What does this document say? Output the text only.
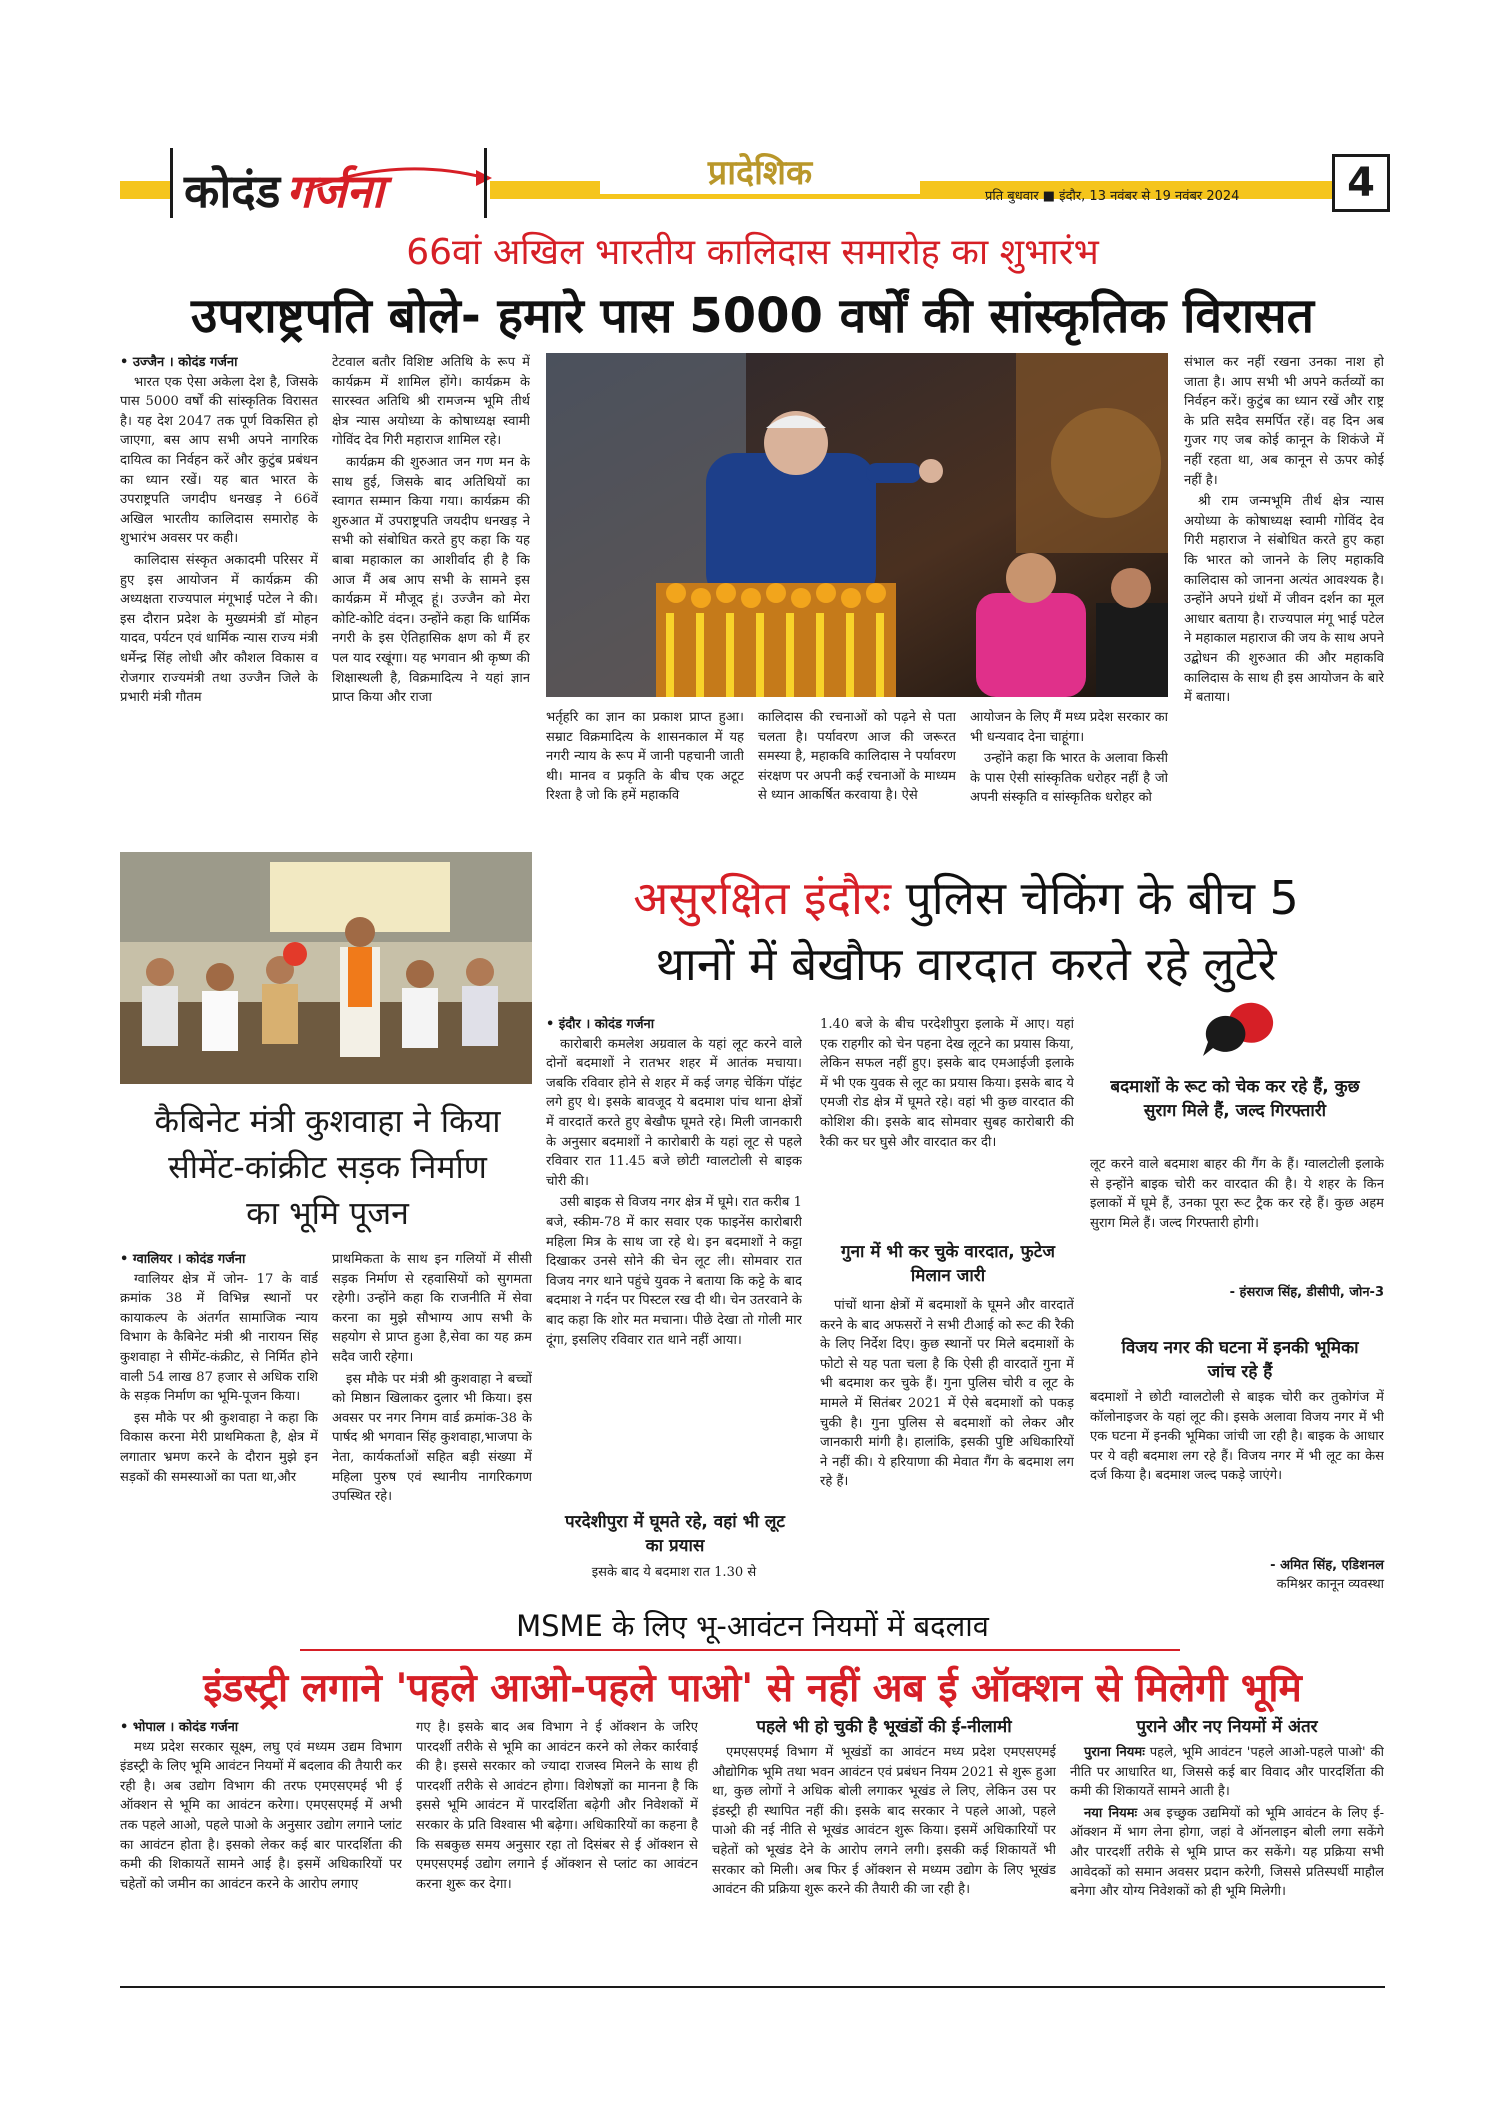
कोदंड गर्जना	प्रादेशिक
प्रति बुधवार ■ इंदौर, 13 नवंबर से 19 नवंबर 2024	4
66वां अखिल भारतीय कालिदास समारोह का शुभारंभ
उपराष्ट्रपति बोले- हमारे पास 5000 वर्षों की सांस्कृतिक विरासत
• उज्जैन । कोदंड गर्जना

भारत एक ऐसा अकेला देश है, जिसके पास 5000 वर्षों की सांस्कृतिक विरासत है। यह देश 2047 तक पूर्ण विकसित हो जाएगा, बस आप सभी अपने नागरिक दायित्व का निर्वहन करें और कुटुंब प्रबंधन का ध्यान रखें। यह बात भारत के उपराष्ट्रपति जगदीप धनखड़ ने 66वें अखिल भारतीय कालिदास समारोह के शुभारंभ अवसर पर कही।

कालिदास संस्कृत अकादमी परिसर में हुए इस आयोजन में कार्यक्रम की अध्यक्षता राज्यपाल मंगूभाई पटेल ने की। इस दौरान प्रदेश के मुख्यमंत्री डॉ मोहन यादव, पर्यटन एवं धार्मिक न्यास राज्य मंत्री धर्मेन्द्र सिंह लोधी और कौशल विकास व रोजगार राज्यमंत्री तथा उज्जैन जिले के प्रभारी मंत्री गौतम

टेटवाल बतौर विशिष्ट अतिथि के रूप में कार्यक्रम में शामिल होंगे। कार्यक्रम के सारस्वत अतिथि श्री रामजन्म भूमि तीर्थ क्षेत्र न्यास अयोध्या के कोषाध्यक्ष स्वामी गोविंद देव गिरी महाराज शामिल रहे।

कार्यक्रम की शुरुआत जन गण मन के साथ हुई, जिसके बाद अतिथियों का स्वागत सम्मान किया गया। कार्यक्रम की शुरुआत में उपराष्ट्रपति जयदीप धनखड़ ने सभी को संबोधित करते हुए कहा कि यह बाबा महाकाल का आशीर्वाद ही है कि आज मैं अब आप सभी के सामने इस कार्यक्रम में मौजूद हूं। उज्जैन को मेरा कोटि-कोटि वंदन। उन्होंने कहा कि धार्मिक नगरी के इस ऐतिहासिक क्षण को मैं हर पल याद रखूंगा। यह भगवान श्री कृष्ण की शिक्षास्थली है, विक्रमादित्य ने यहां ज्ञान प्राप्त किया और राजा

भर्तृहरि का ज्ञान का प्रकाश प्राप्त हुआ। सम्राट विक्रमादित्य के शासनकाल में यह नगरी न्याय के रूप में जानी पहचानी जाती थी। मानव व प्रकृति के बीच एक अटूट रिश्ता है जो कि हमें महाकवि

कालिदास की रचनाओं को पढ़ने से पता चलता है। पर्यावरण आज की जरूरत समस्या है, महाकवि कालिदास ने पर्यावरण संरक्षण पर अपनी कई रचनाओं के माध्यम से ध्यान आकर्षित करवाया है। ऐसे

आयोजन के लिए मैं मध्य प्रदेश सरकार का भी धन्यवाद देना चाहूंगा।

उन्होंने कहा कि भारत के अलावा किसी के पास ऐसी सांस्कृतिक धरोहर नहीं है जो अपनी संस्कृति व सांस्कृतिक धरोहर को

संभाल कर नहीं रखना उनका नाश हो जाता है। आप सभी भी अपने कर्तव्यों का निर्वहन करें। कुटुंब का ध्यान रखें और राष्ट्र के प्रति सदैव समर्पित रहें। वह दिन अब गुजर गए जब कोई कानून के शिकंजे में नहीं रहता था, अब कानून से ऊपर कोई नहीं है।

श्री राम जन्मभूमि तीर्थ क्षेत्र न्यास अयोध्या के कोषाध्यक्ष स्वामी गोविंद देव गिरी महाराज ने संबोधित करते हुए कहा कि भारत को जानने के लिए महाकवि कालिदास को जानना अत्यंत आवश्यक है। उन्होंने अपने ग्रंथों में जीवन दर्शन का मूल आधार बताया है। राज्यपाल मंगू भाई पटेल ने महाकाल महाराज की जय के साथ अपने उद्बोधन की शुरुआत की और महाकवि कालिदास के साथ ही इस आयोजन के बारे में बताया।

कैबिनेट मंत्री कुशवाहा ने किया सीमेंट-कांक्रीट सड़क निर्माण का भूमि पूजन
• ग्वालियर । कोदंड गर्जना

ग्वालियर क्षेत्र में जोन- 17 के वार्ड क्रमांक 38 में विभिन्न स्थानों पर कायाकल्प के अंतर्गत सामाजिक न्याय विभाग के कैबिनेट मंत्री श्री नारायन सिंह कुशवाहा ने सीमेंट-कंक्रीट, से निर्मित होने वाली 54 लाख 87 हजार से अधिक राशि के सड़क निर्माण का भूमि-पूजन किया।

इस मौके पर श्री कुशवाहा ने कहा कि विकास करना मेरी प्राथमिकता है, क्षेत्र में लगातार भ्रमण करने के दौरान मुझे इन सड़कों की समस्याओं का पता था,और

प्राथमिकता के साथ इन गलियों में सीसी सड़क निर्माण से रहवासियों को सुगमता रहेगी। उन्होंने कहा कि राजनीति में सेवा करना का मुझे सौभाग्य आप सभी के सहयोग से प्राप्त हुआ है,सेवा का यह क्रम सदैव जारी रहेगा।

इस मौके पर मंत्री श्री कुशवाहा ने बच्चों को मिष्ठान खिलाकर दुलार भी किया। इस अवसर पर नगर निगम वार्ड क्रमांक-38 के पार्षद श्री भगवान सिंह कुशवाहा,भाजपा के नेता, कार्यकर्ताओं सहित बड़ी संख्या में महिला पुरुष एवं स्थानीय नागरिकगण उपस्थित रहे।

असुरक्षित इंदौरः पुलिस चेकिंग के बीच 5
थानों में बेखौफ वारदात करते रहे लुटेरे
• इंदौर । कोदंड गर्जना

कारोबारी कमलेश अग्रवाल के यहां लूट करने वाले दोनों बदमाशों ने रातभर शहर में आतंक मचाया। जबकि रविवार होने से शहर में कई जगह चेकिंग पॉइंट लगे हुए थे। इसके बावजूद ये बदमाश पांच थाना क्षेत्रों में वारदातें करते हुए बेखौफ घूमते रहे। मिली जानकारी के अनुसार बदमाशों ने कारोबारी के यहां लूट से पहले रविवार रात 11.45 बजे छोटी ग्वालटोली से बाइक चोरी की।

उसी बाइक से विजय नगर क्षेत्र में घूमे। रात करीब 1 बजे, स्कीम-78 में कार सवार एक फाइनेंस कारोबारी महिला मित्र के साथ जा रहे थे। इन बदमाशों ने कट्टा दिखाकर उनसे सोने की चेन लूट ली। सोमवार रात विजय नगर थाने पहुंचे युवक ने बताया कि कट्टे के बाद बदमाश ने गर्दन पर पिस्टल रख दी थी। चेन उतरवाने के बाद कहा कि शोर मत मचाना। पीछे देखा तो गोली मार दूंगा, इसलिए रविवार रात थाने नहीं आया।

परदेशीपुरा में घूमते रहे, वहां भी लूट का प्रयास
इसके बाद ये बदमाश रात 1.30 से

1.40 बजे के बीच परदेशीपुरा इलाके में आए। यहां एक राहगीर को चेन पहना देख लूटने का प्रयास किया, लेकिन सफल नहीं हुए। इसके बाद एमआईजी इलाके में भी एक युवक से लूट का प्रयास किया। इसके बाद ये एमजी रोड क्षेत्र में घूमते रहे। वहां भी कुछ वारदात की कोशिश की। इसके बाद सोमवार सुबह कारोबारी की रैकी कर घर घुसे और वारदात कर दी।

गुना में भी कर चुके वारदात, फुटेज मिलान जारी

पांचों थाना क्षेत्रों में बदमाशों के घूमने और वारदातें करने के बाद अफसरों ने सभी टीआई को रूट की रैकी के लिए निर्देश दिए। कुछ स्थानों पर मिले बदमाशों के फोटो से यह पता चला है कि ऐसी ही वारदातें गुना में भी बदमाश कर चुके हैं। गुना पुलिस चोरी व लूट के मामले में सितंबर 2021 में ऐसे बदमाशों को पकड़ चुकी है। गुना पुलिस से बदमाशों को लेकर और जानकारी मांगी है। हालांकि, इसकी पुष्टि अधिकारियों ने नहीं की। ये हरियाणा की मेवात गैंग के बदमाश लग रहे हैं।

बदमाशों के रूट को चेक कर रहे हैं, कुछ सुराग मिले हैं, जल्द गिरफ्तारी
लूट करने वाले बदमाश बाहर की गैंग के हैं। ग्वालटोली इलाके से इन्होंने बाइक चोरी कर वारदात की है। ये शहर के किन इलाकों में घूमे हैं, उनका पूरा रूट ट्रैक कर रहे हैं। कुछ अहम सुराग मिले हैं। जल्द गिरफ्तारी होगी।
- हंसराज सिंह, डीसीपी, जोन-3
विजय नगर की घटना में इनकी भूमिका जांच रहे हैं
बदमाशों ने छोटी ग्वालटोली से बाइक चोरी कर तुकोगंज में कॉलोनाइजर के यहां लूट की। इसके अलावा विजय नगर में भी एक घटना में इनकी भूमिका जांची जा रही है। बाइक के आधार पर ये वही बदमाश लग रहे हैं। विजय नगर में भी लूट का केस दर्ज किया है। बदमाश जल्द पकड़े जाएंगे।
- अमित सिंह, एडिशनल
कमिश्नर कानून व्यवस्था
MSME के लिए भू-आवंटन नियमों में बदलाव
इंडस्ट्री लगाने 'पहले आओ-पहले पाओ' से नहीं अब ई ऑक्शन से मिलेगी भूमि
• भोपाल । कोदंड गर्जना

मध्य प्रदेश सरकार सूक्ष्म, लघु एवं मध्यम उद्यम विभाग इंडस्ट्री के लिए भूमि आवंटन नियमों में बदलाव की तैयारी कर रही है। अब उद्योग विभाग की तरफ एमएसएमई भी ई ऑक्शन से भूमि का आवंटन करेगा। एमएसएमई में अभी तक पहले आओ, पहले पाओ के अनुसार उद्योग लगाने प्लांट का आवंटन होता है। इसको लेकर कई बार पारदर्शिता की कमी की शिकायतें सामने आई है। इसमें अधिकारियों पर चहेतों को जमीन का आवंटन करने के आरोप लगाए

गए है। इसके बाद अब विभाग ने ई ऑक्शन के जरिए पारदर्शी तरीके से भूमि का आवंटन करने को लेकर कार्रवाई की है। इससे सरकार को ज्यादा राजस्व मिलने के साथ ही पारदर्शी तरीके से आवंटन होगा। विशेषज्ञों का मानना है कि इससे भूमि आवंटन में पारदर्शिता बढ़ेगी और निवेशकों में सरकार के प्रति विश्वास भी बढ़ेगा। अधिकारियों का कहना है कि सबकुछ समय अनुसार रहा तो दिसंबर से ई ऑक्शन से एमएसएमई उद्योग लगाने ई ऑक्शन से प्लांट का आवंटन करना शुरू कर देगा।

पहले भी हो चुकी है भूखंडों की ई-नीलामी

एमएसएमई विभाग में भूखंडों का आवंटन मध्य प्रदेश एमएसएमई औद्योगिक भूमि तथा भवन आवंटन एवं प्रबंधन नियम 2021 से शुरू हुआ था, कुछ लोगों ने अधिक बोली लगाकर भूखंड ले लिए, लेकिन उस पर इंडस्ट्री ही स्थापित नहीं की। इसके बाद सरकार ने पहले आओ, पहले पाओ की नई नीति से भूखंड आवंटन शुरू किया। इसमें अधिकारियों पर चहेतों को भूखंड देने के आरोप लगने लगी। इसकी कई शिकायतें भी सरकार को मिली। अब फिर ई ऑक्शन से मध्यम उद्योग के लिए भूखंड आवंटन की प्रक्रिया शुरू करने की तैयारी की जा रही है।

पुराने और नए नियमों में अंतर

पुराना नियमः पहले, भूमि आवंटन 'पहले आओ-पहले पाओ' की नीति पर आधारित था, जिससे कई बार विवाद और पारदर्शिता की कमी की शिकायतें सामने आती है।

नया नियमः अब इच्छुक उद्यमियों को भूमि आवंटन के लिए ई-ऑक्शन में भाग लेना होगा, जहां वे ऑनलाइन बोली लगा सकेंगे और पारदर्शी तरीके से भूमि प्राप्त कर सकेंगे। यह प्रक्रिया सभी आवेदकों को समान अवसर प्रदान करेगी, जिससे प्रतिस्पर्धी माहौल बनेगा और योग्य निवेशकों को ही भूमि मिलेगी।
